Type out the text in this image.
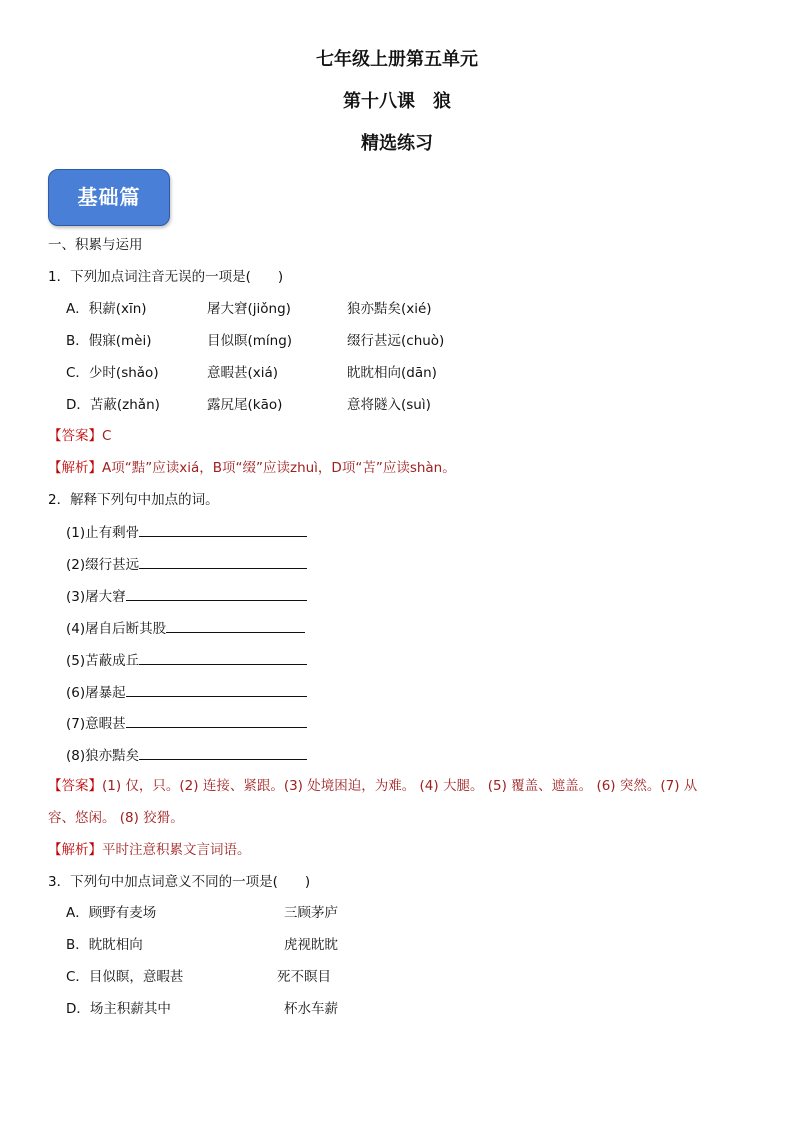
七年级上册第五单元
第十八课　狼
精选练习
基础篇
一、积累与运用
1．下列加点词注音无误的一项是(　　)
A．积薪(xīn)	屠大窘(jiǒng)	狼亦黠矣(xié)
B．假寐(mèi)	目似瞑(míng)	缀行甚远(chuò)
C．少时(shǎo)	意暇甚(xiá)	眈眈相向(dān)
D．苫蔽(zhǎn)	露尻尾(kāo)	意将隧入(suì)
【答案】C
【解析】A项“黠”应读xiá，B项“缀”应读zhuì，D项“苫”应读shàn。
2．解释下列句中加点的词。
(1)止有剩骨
(2)缀行甚远
(3)屠大窘
(4)屠自后断其股
(5)苫蔽成丘
(6)屠暴起
(7)意暇甚
(8)狼亦黠矣
【答案】(1) 仅，只。(2) 连接、紧跟。(3) 处境困迫，为难。 (4) 大腿。 (5) 覆盖、遮盖。 (6) 突然。(7) 从
容、悠闲。 (8) 狡猾。
【解析】平时注意积累文言词语。
3．下列句中加点词意义不同的一项是(　　)
A．顾野有麦场	三顾茅庐
B．眈眈相向	虎视眈眈
C．目似瞑，意暇甚	死不瞑目
D．场主积薪其中	杯水车薪
